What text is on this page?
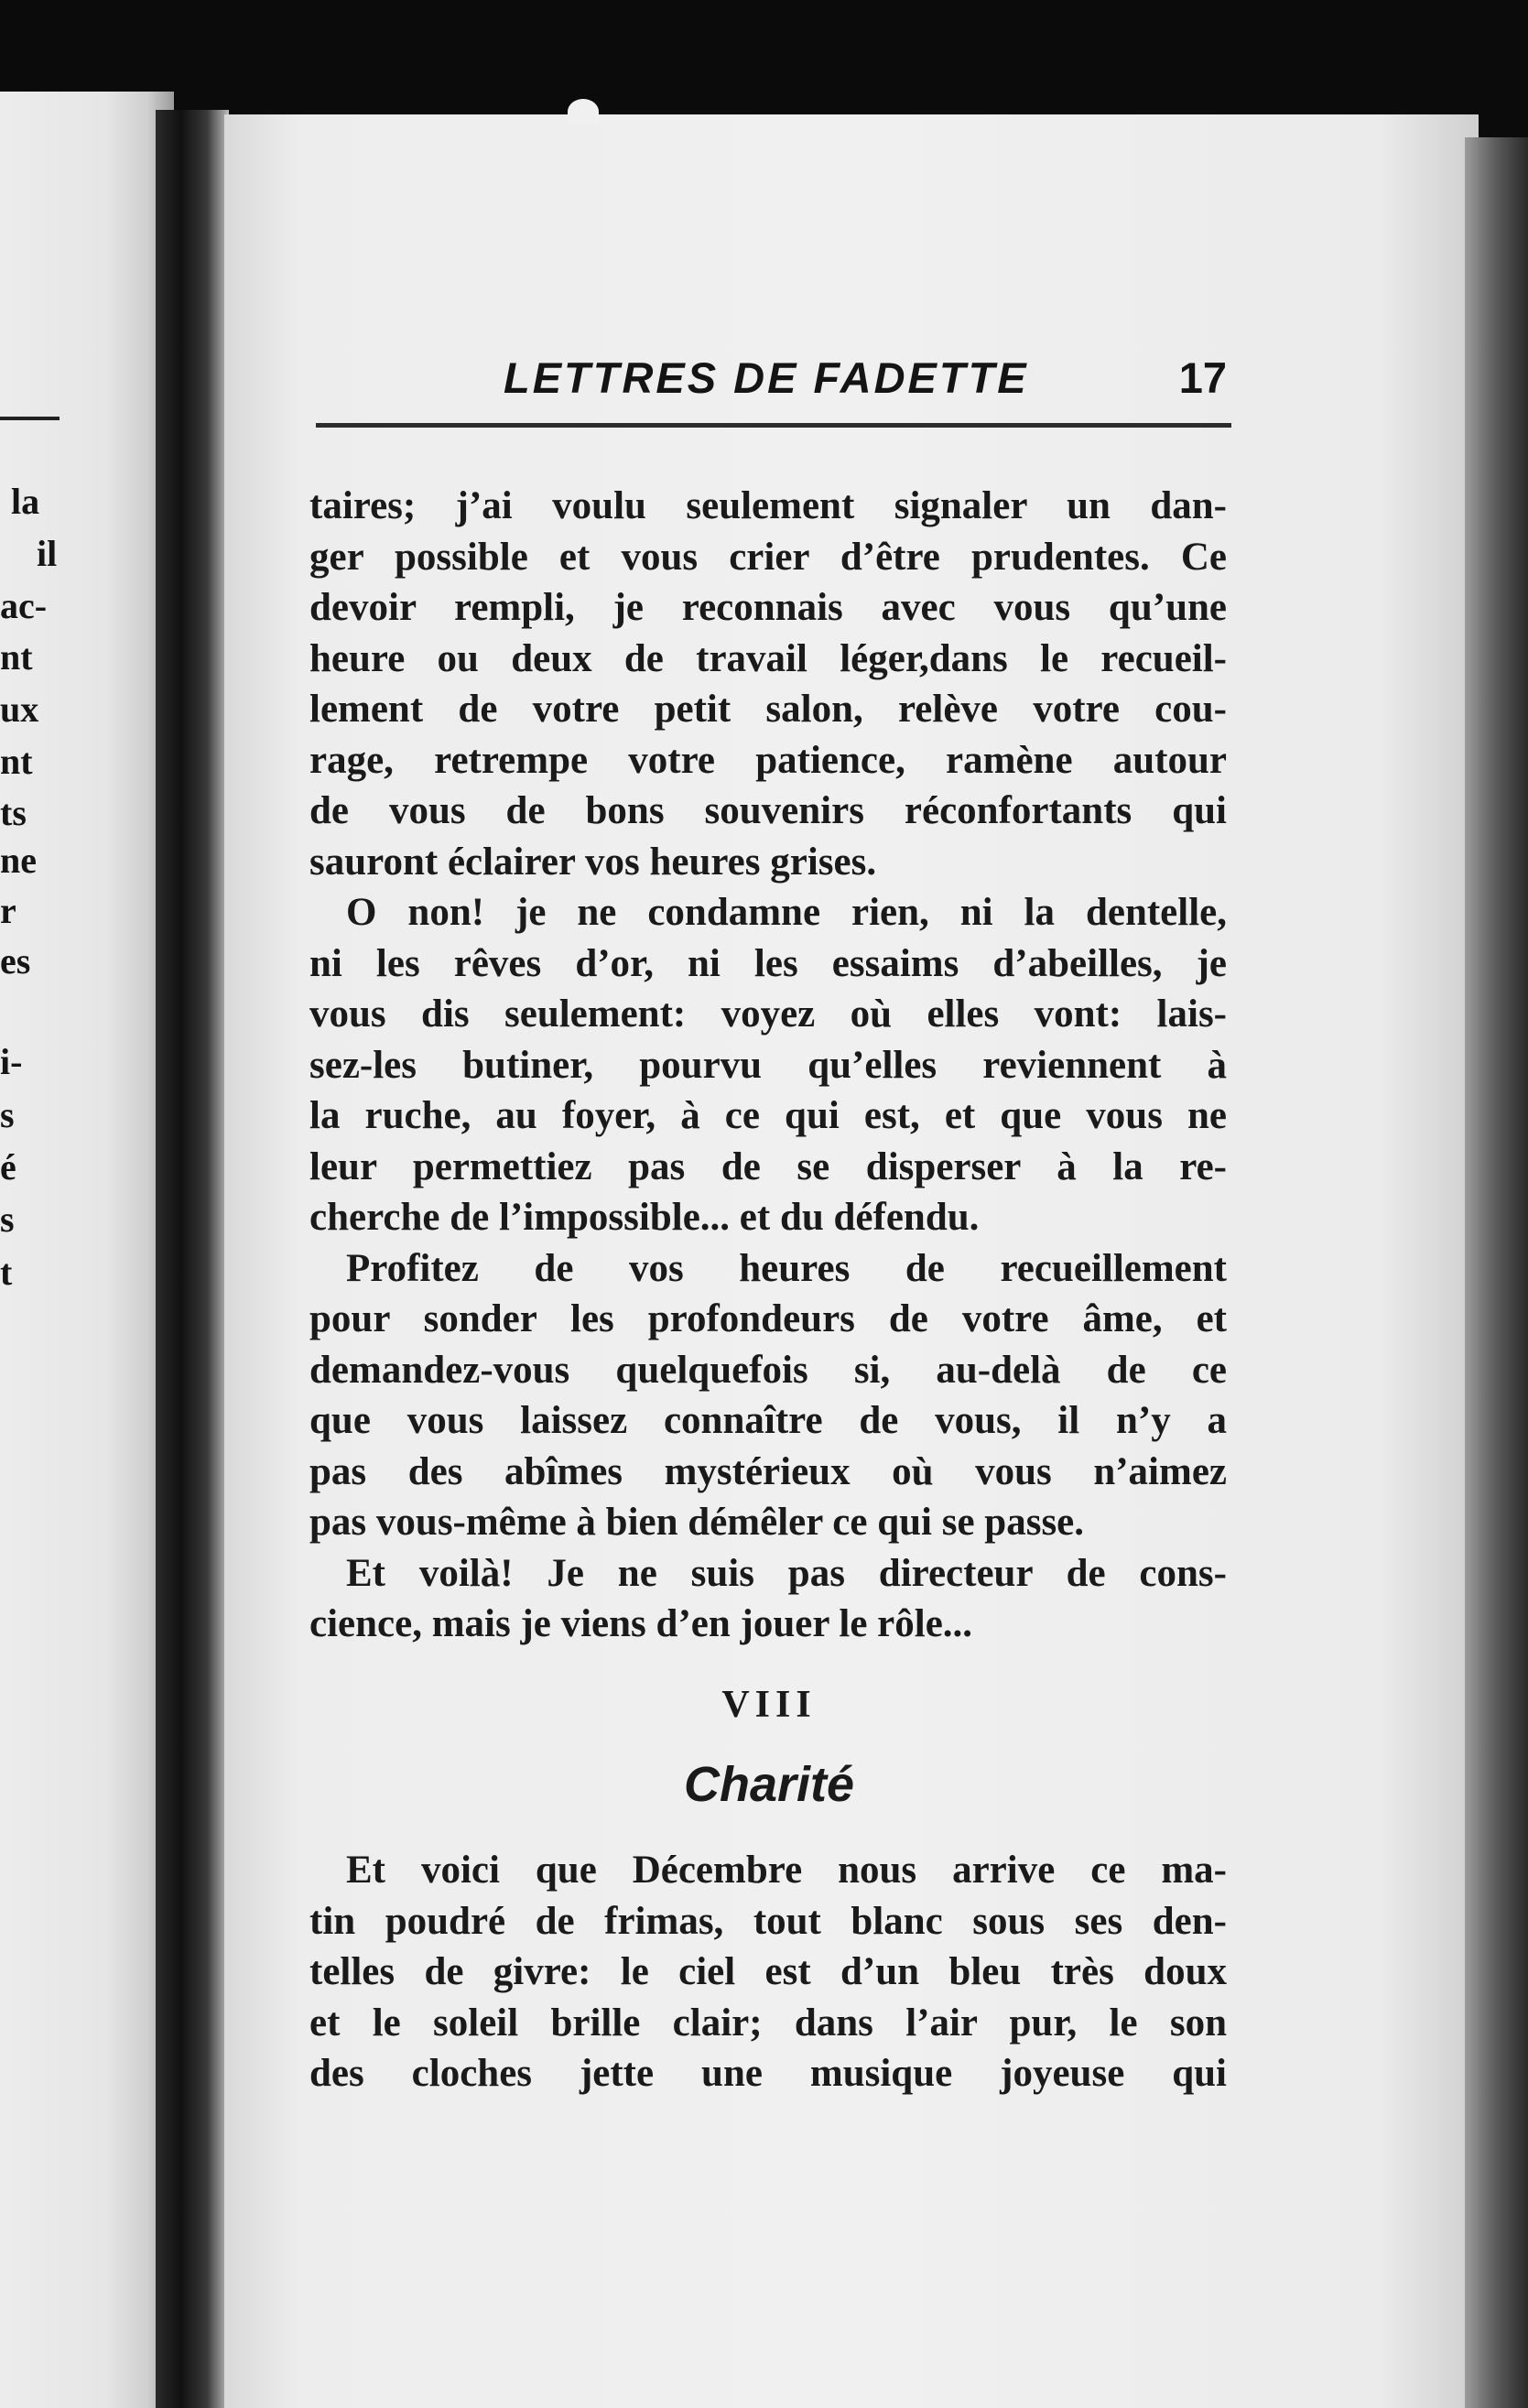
la
il
ac-
nt
ux
nt
ts
ne
r
es
i-
s
é
s
t
LETTRES DE FADETTE	17
taires; j’ai voulu seulement signaler un dan-
ger possible et vous crier d’être prudentes. Ce
devoir rempli, je reconnais avec vous qu’une
heure ou deux de travail léger,dans le recueil-
lement de votre petit salon, relève votre cou-
rage, retrempe votre patience, ramène autour
de vous de bons souvenirs réconfortants qui
sauront éclairer vos heures grises.
O non! je ne condamne rien, ni la dentelle,
ni les rêves d’or, ni les essaims d’abeilles, je
vous dis seulement: voyez où elles vont: lais-
sez-les butiner, pourvu qu’elles reviennent à
la ruche, au foyer, à ce qui est, et que vous ne
leur permettiez pas de se disperser à la re-
cherche de l’impossible... et du défendu.
Profitez de vos heures de recueillement
pour sonder les profondeurs de votre âme, et
demandez-vous quelquefois si, au-delà de ce
que vous laissez connaître de vous, il n’y a
pas des abîmes mystérieux où vous n’aimez
pas vous-même à bien démêler ce qui se passe.
Et voilà! Je ne suis pas directeur de cons-
cience, mais je viens d’en jouer le rôle...
VIII
Charité
Et voici que Décembre nous arrive ce ma-
tin poudré de frimas, tout blanc sous ses den-
telles de givre: le ciel est d’un bleu très doux
et le soleil brille clair; dans l’air pur, le son
des cloches jette une musique joyeuse qui
